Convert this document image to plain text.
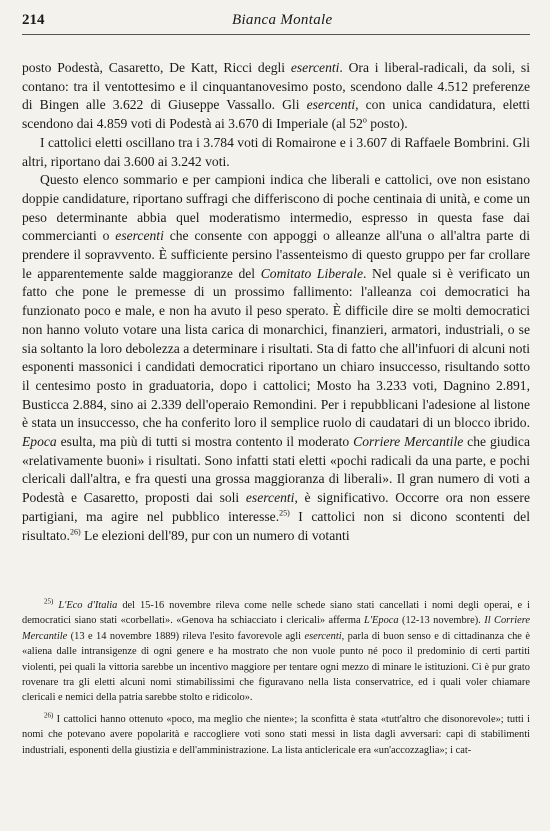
214	Bianca Montale

posto Podestà, Casaretto, De Katt, Ricci degli esercenti. Ora i liberal-radicali, da soli, si contano: tra il ventottesimo e il cinquantanovesimo posto, scendono dalle 4.512 preferenze di Bingen alle 3.622 di Giuseppe Vassallo. Gli esercenti, con unica candidatura, eletti scendono dai 4.859 voti di Podestà ai 3.670 di Imperiale (al 52$^o$ posto).

I cattolici eletti oscillano tra i 3.784 voti di Romairone e i 3.607 di Raffaele Bombrini. Gli altri, riportano dai 3.600 ai 3.242 voti.

Questo elenco sommario e per campioni indica che liberali e cattolici, ove non esistano doppie candidature, riportano suffragi che differiscono di poche centinaia di unità, e come un peso determinante abbia quel moderatismo intermedio, espresso in questa fase dai commercianti o esercenti che consente con appoggi o alleanze all'una o all'altra parte di prendere il sopravvento. È sufficiente persino l'assenteismo di questo gruppo per far crollare le apparentemente salde maggioranze del Comitato Liberale. Nel quale si è verificato un fatto che pone le premesse di un prossimo fallimento: l'alleanza coi democratici ha funzionato poco e male, e non ha avuto il peso sperato. È difficile dire se molti democratici non hanno voluto votare una lista carica di monarchici, finanzieri, armatori, industriali, o se sia soltanto la loro debolezza a determinare i risultati. Sta di fatto che all'infuori di alcuni noti esponenti massonici i candidati democratici riportano un chiaro insuccesso, risultando sotto il centesimo posto in graduatoria, dopo i cattolici; Mosto ha 3.233 voti, Dagnino 2.891, Busticca 2.884, sino ai 2.339 dell'operaio Remondini. Per i repubblicani l'adesione al listone è stata un insuccesso, che ha conferito loro il semplice ruolo di caudatari di un blocco ibrido. Epoca esulta, ma più di tutti si mostra contento il moderato Corriere Mercantile che giudica «relativamente buoni» i risultati. Sono infatti stati eletti «pochi radicali da una parte, e pochi clericali dall'altra, e fra questi una grossa maggioranza di liberali». Il gran numero di voti a Podestà e Casaretto, proposti dai soli esercenti, è significativo. Occorre ora non essere partigiani, ma agire nel pubblico interesse.$^{25)}$ I cattolici non si dicono scontenti del risultato.$^{26)}$ Le elezioni dell'89, pur con un numero di votanti

$^{25)}$ L'Eco d'Italia del 15-16 novembre rileva come nelle schede siano stati cancellati i nomi degli operai, e i democratici siano stati «corbellati». «Genova ha schiacciato i clericali» afferma L'Epoca (12-13 novembre). Il Corriere Mercantile (13 e 14 novembre 1889) rileva l'esito favorevole agli esercenti, parla di buon senso e di cittadinanza che è «aliena dalle intransigenze di ogni genere e ha mostrato che non vuole punto né poco il predominio di certi partiti violenti, pei quali la vittoria sarebbe un incentivo maggiore per tentare ogni mezzo di minare le istituzioni. Ci è pur grato rovenare tra gli eletti alcuni nomi stimabilissimi che figuravano nella lista conservatrice, ed i quali voler chiamare clericali e nemici della patria sarebbe stolto e ridicolo».

$^{26)}$ I cattolici hanno ottenuto «poco, ma meglio che niente»; la sconfitta è stata «tutt'altro che disonorevole»; tutti i nomi che potevano avere popolarità e raccogliere voti sono stati messi in lista dagli avversari: capi di stabilimenti industriali, esponenti della giustizia e dell'amministrazione. La lista anticlericale era «un'accozzaglia»; i cat-
